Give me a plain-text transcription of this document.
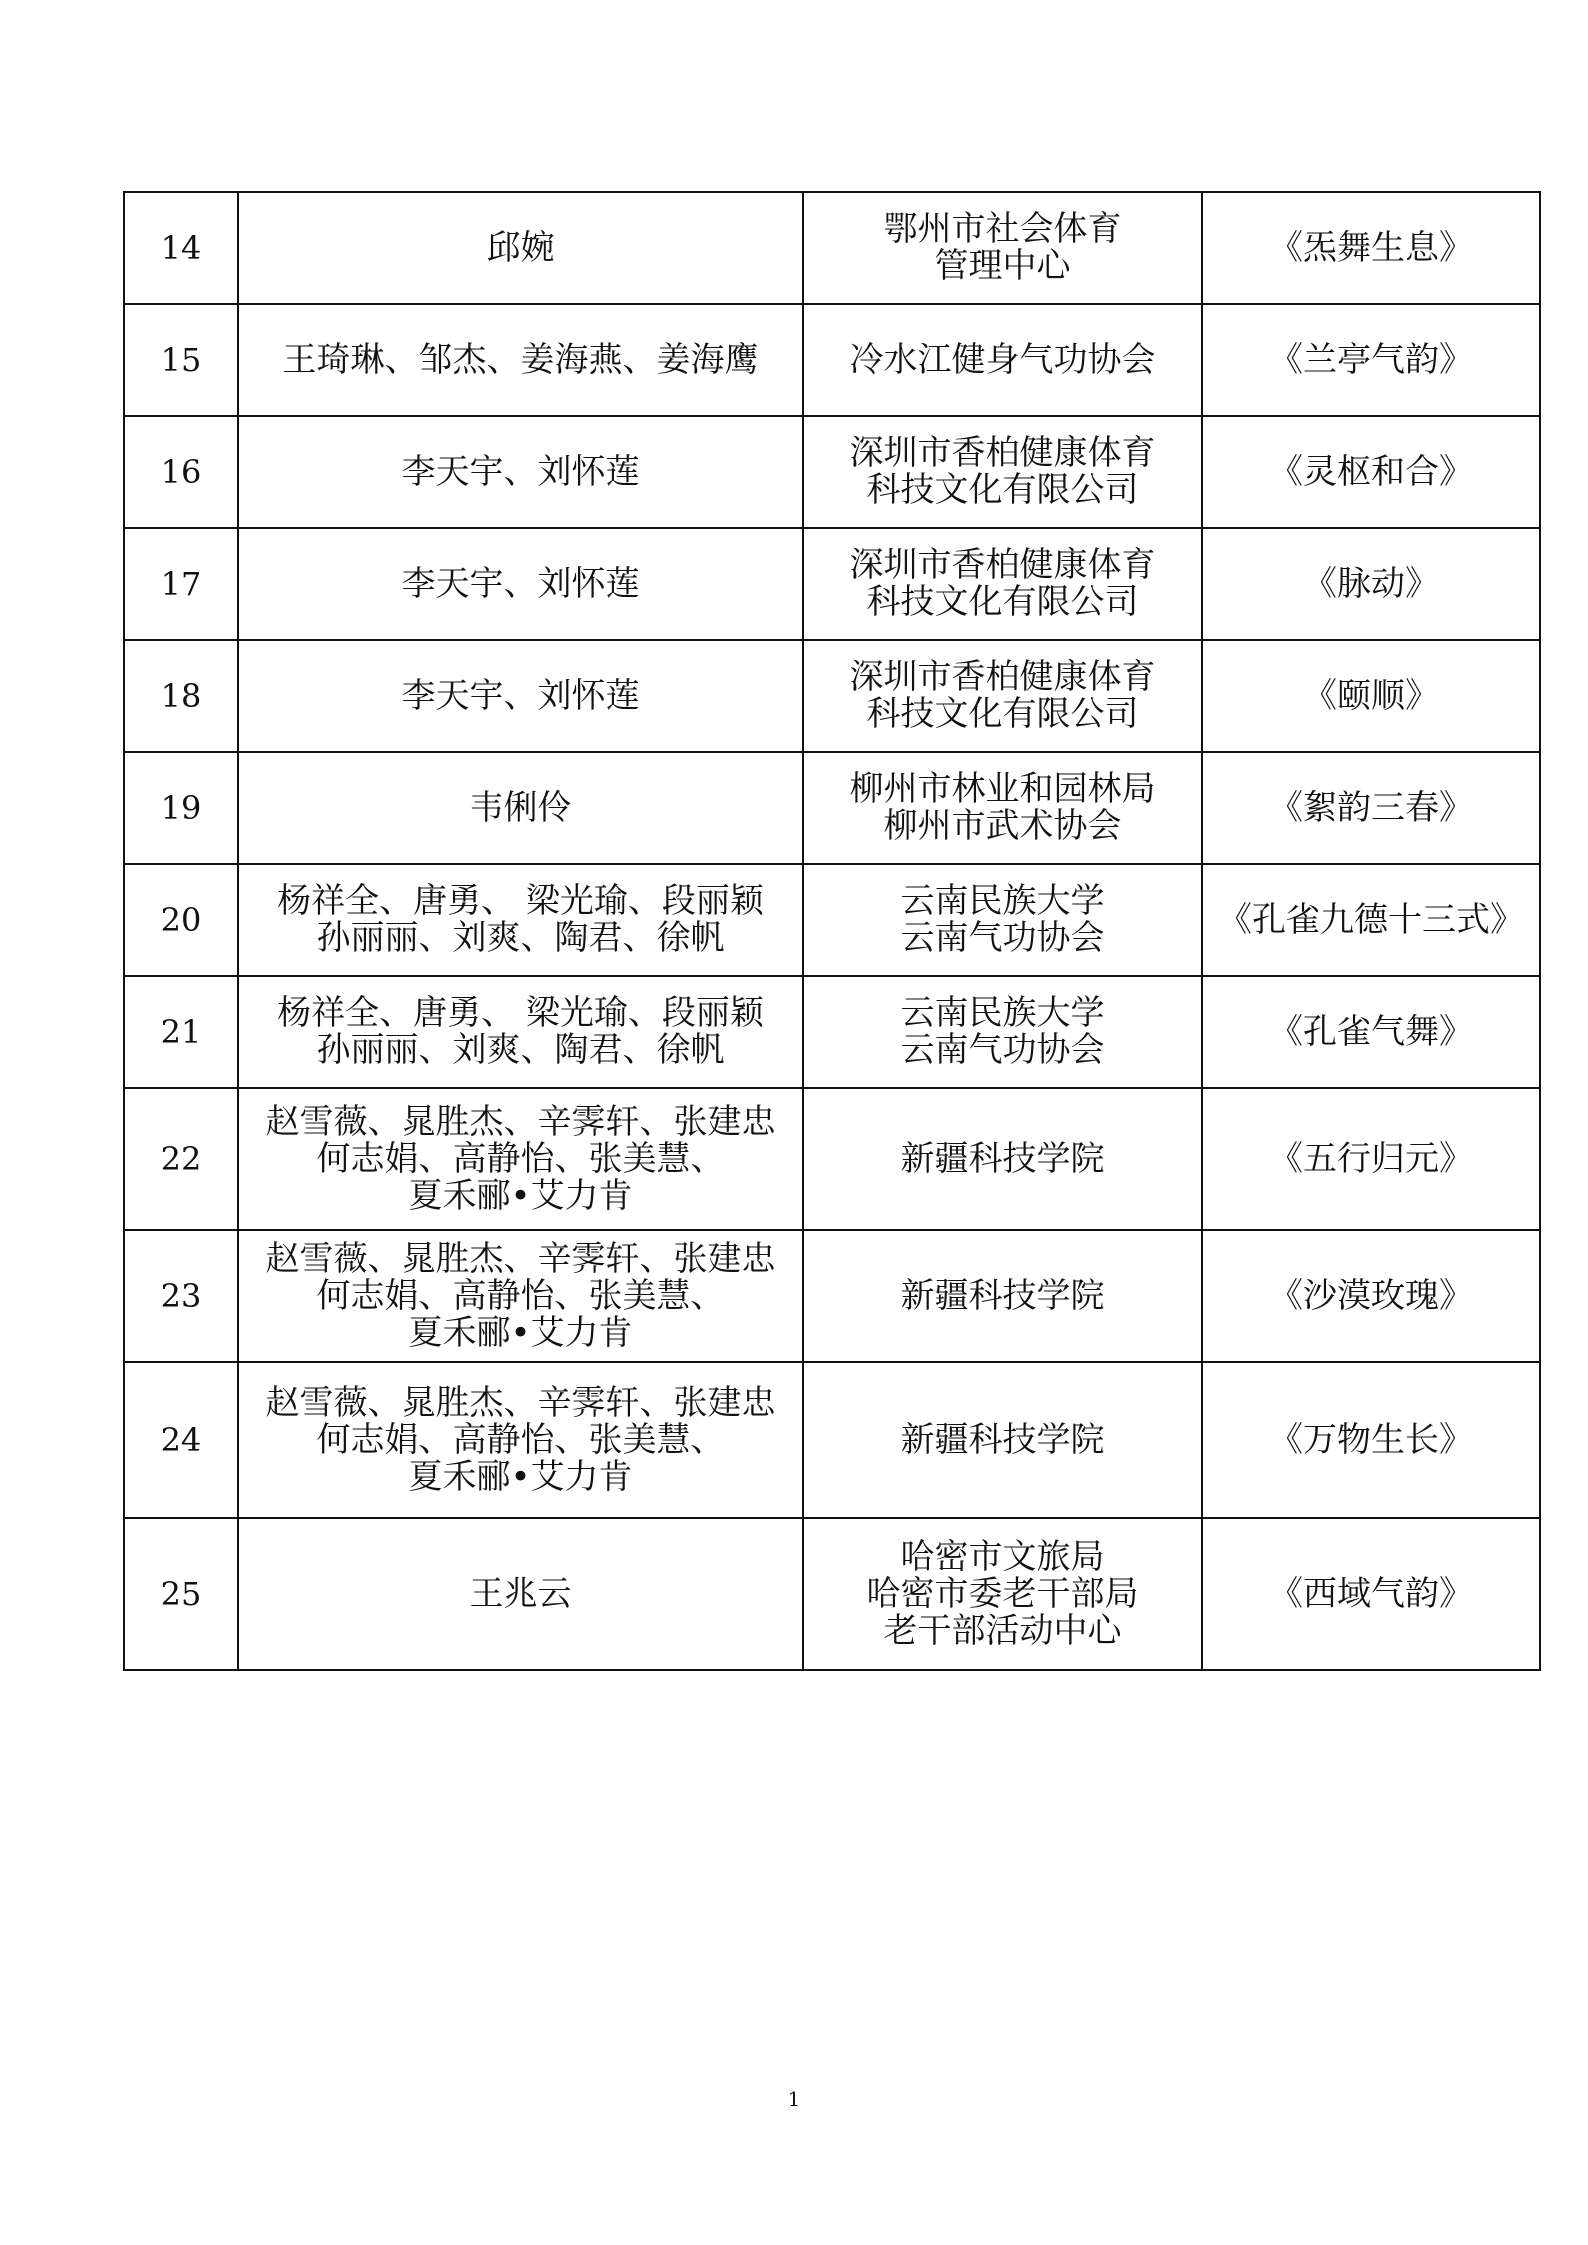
14	邱婉	鄂州市社会体育
管理中心	《炁舞生息》
15	王琦琳、邹杰、姜海燕、姜海鹰	冷水江健身气功协会	《兰亭气韵》
16	李天宇、刘怀莲	深圳市香柏健康体育
科技文化有限公司	《灵枢和合》
17	李天宇、刘怀莲	深圳市香柏健康体育
科技文化有限公司	《脉动》
18	李天宇、刘怀莲	深圳市香柏健康体育
科技文化有限公司	《颐顺》
19	韦俐伶	柳州市林业和园林局
柳州市武术协会	《絮韵三春》
20	杨祥全、唐勇、 梁光瑜、段丽颖
孙丽丽、刘爽、陶君、徐帆	云南民族大学
云南气功协会	《孔雀九德十三式》
21	杨祥全、唐勇、 梁光瑜、段丽颖
孙丽丽、刘爽、陶君、徐帆	云南民族大学
云南气功协会	《孔雀气舞》
22	赵雪薇、晁胜杰、辛霁轩、张建忠
何志娟、高静怡、张美慧、
夏禾郦•艾力肯	新疆科技学院	《五行归元》
23	赵雪薇、晁胜杰、辛霁轩、张建忠
何志娟、高静怡、张美慧、
夏禾郦•艾力肯	新疆科技学院	《沙漠玫瑰》
24	赵雪薇、晁胜杰、辛霁轩、张建忠
何志娟、高静怡、张美慧、
夏禾郦•艾力肯	新疆科技学院	《万物生长》
25	王兆云	哈密市文旅局
哈密市委老干部局
老干部活动中心	《西域气韵》
1
